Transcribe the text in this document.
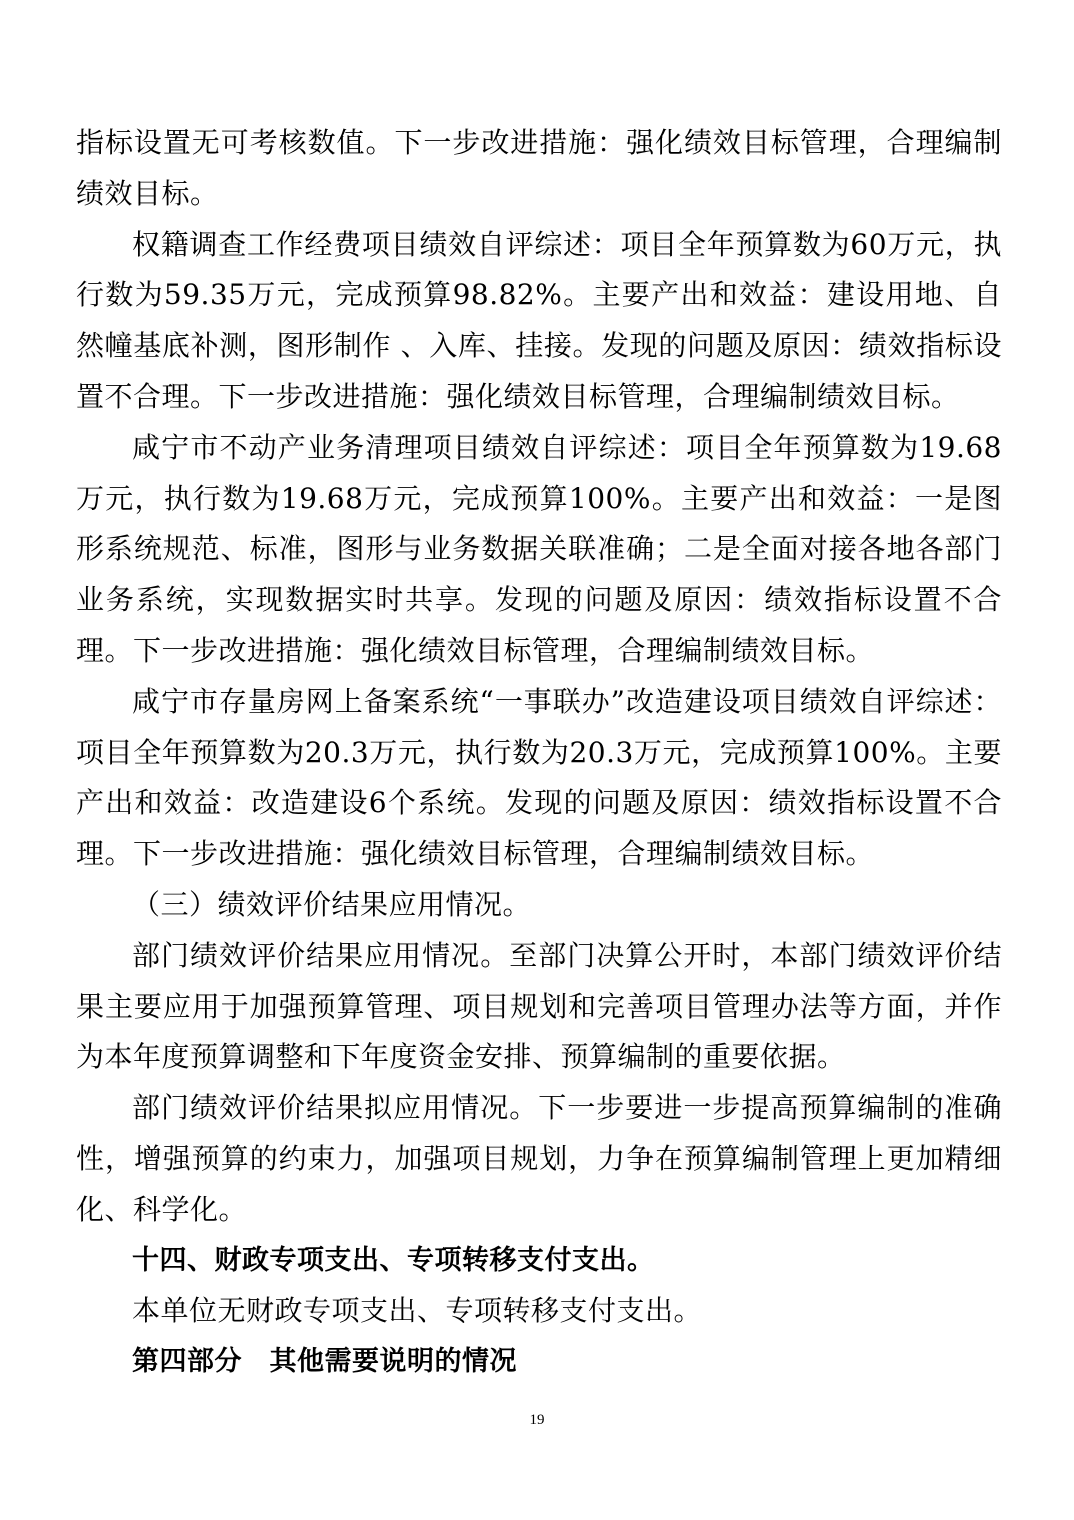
指标设置无可考核数值。下一步改进措施：强化绩效目标管理，合理编制绩效目标。

权籍调查工作经费项目绩效自评综述：项目全年预算数为60万元，执行数为59.35万元，完成预算98.82%。主要产出和效益：建设用地、自然幢基底补测，图形制作 、入库、挂接。发现的问题及原因：绩效指标设置不合理。下一步改进措施：强化绩效目标管理，合理编制绩效目标。

咸宁市不动产业务清理项目绩效自评综述：项目全年预算数为19.68万元，执行数为19.68万元，完成预算100%。主要产出和效益：一是图形系统规范、标准，图形与业务数据关联准确；二是全面对接各地各部门业务系统，实现数据实时共享。发现的问题及原因：绩效指标设置不合理。下一步改进措施：强化绩效目标管理，合理编制绩效目标。

咸宁市存量房网上备案系统“一事联办”改造建设项目绩效自评综述：项目全年预算数为20.3万元，执行数为20.3万元，完成预算100%。主要产出和效益：改造建设6个系统。发现的问题及原因：绩效指标设置不合理。下一步改进措施：强化绩效目标管理，合理编制绩效目标。

（三）绩效评价结果应用情况。

部门绩效评价结果应用情况。至部门决算公开时，本部门绩效评价结果主要应用于加强预算管理、项目规划和完善项目管理办法等方面，并作为本年度预算调整和下年度资金安排、预算编制的重要依据。

部门绩效评价结果拟应用情况。下一步要进一步提高预算编制的准确性，增强预算的约束力，加强项目规划，力争在预算编制管理上更加精细化、科学化。

十四、财政专项支出、专项转移支付支出。

本单位无财政专项支出、专项转移支付支出。

第四部分　其他需要说明的情况

19
